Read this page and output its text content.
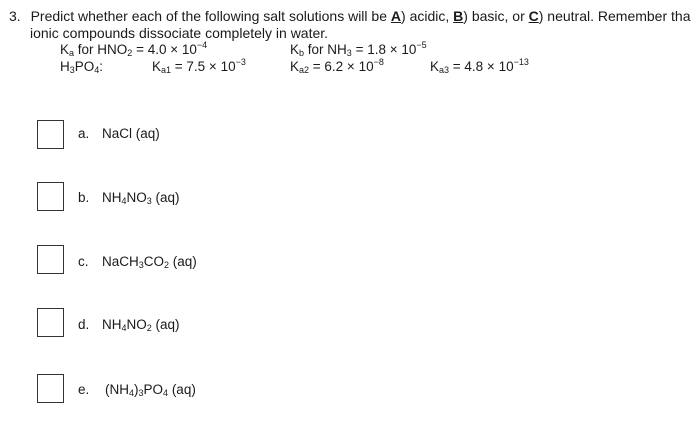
3. Predict whether each of the following salt solutions will be A) acidic, B) basic, or C) neutral. Remember tha
ionic compounds dissociate completely in water.
$K_a$ for $HNO_2 = 4.0 \times 10^{-4}$	$K_b$ for $NH_3 = 1.8 \times 10^{-5}$
$H_3PO_4$:	$K_{a1} = 7.5 \times 10^{-3}$	$K_{a2} = 6.2 \times 10^{-8}$	$K_{a3} = 4.8 \times 10^{-13}$
a. NaCl (aq)
b. $NH_4NO_3$ (aq)
c. $NaCH_3CO_2$ (aq)
d. $NH_4NO_2$ (aq)
e. $(NH_4)_3PO_4$ (aq)
